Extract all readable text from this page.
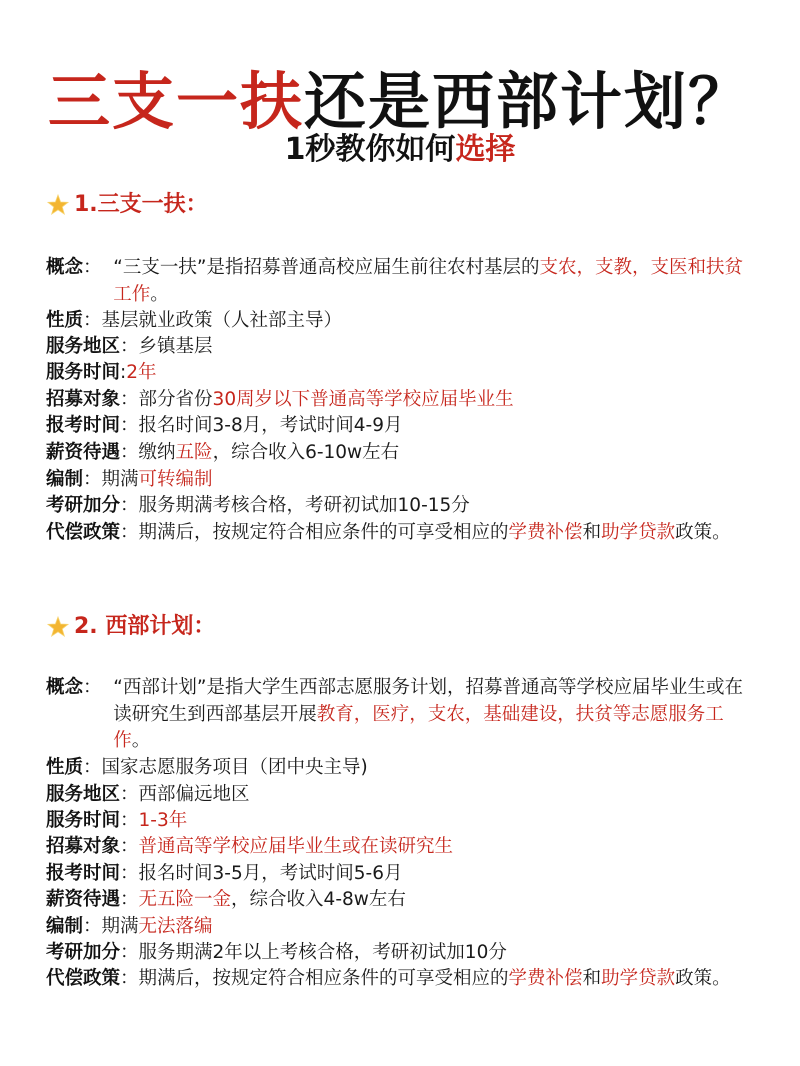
三支一扶还是西部计划？
1秒教你如何选择
1.三支一扶：
概念 ： “三支一扶”是指招募普通高校应届生前往农村基层的支农，支教，支医和扶贫工作。
性质 ： 基层就业政策（人社部主导）
服务地区 ： 乡镇基层
服务时间 : 2年
招募对象 ： 部分省份30周岁以下普通高等学校应届毕业生
报考时间 ： 报名时间3-8月，考试时间4-9月
薪资待遇 ： 缴纳五险，综合收入6-10w左右
编制 ： 期满可转编制
考研加分 ： 服务期满考核合格，考研初试加10-15分
代偿政策 ： 期满后，按规定符合相应条件的可享受相应的学费补偿和助学贷款政策。
2. 西部计划：
概念 ： “西部计划”是指大学生西部志愿服务计划，招募普通高等学校应届毕业生或在读研究生到西部基层开展教育，医疗，支农，基础建设，扶贫等志愿服务工作。
性质 ： 国家志愿服务项目（团中央主导)
服务地区 ： 西部偏远地区
服务时间 ： 1-3年
招募对象 ： 普通高等学校应届毕业生或在读研究生
报考时间 ： 报名时间3-5月，考试时间5-6月
薪资待遇 ： 无五险一金，综合收入4-8w左右
编制 ： 期满无法落编
考研加分 ： 服务期满2年以上考核合格，考研初试加10分
代偿政策 ： 期满后，按规定符合相应条件的可享受相应的学费补偿和助学贷款政策。
